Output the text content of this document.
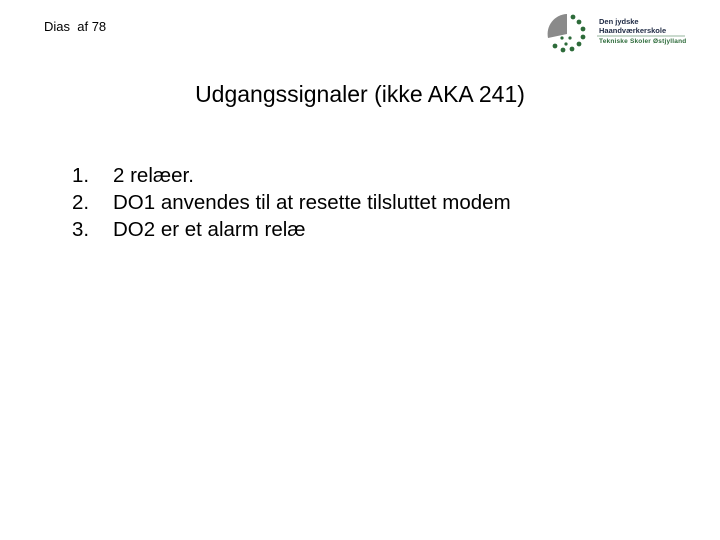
Dias af 78	Den jydske
Haandværkerskole
Tekniske Skoler Østjylland
Udgangssignaler (ikke AKA 241)
1.	2 relæer.
2.	DO1 anvendes til at resette tilsluttet modem
3.	DO2 er et alarm relæ
